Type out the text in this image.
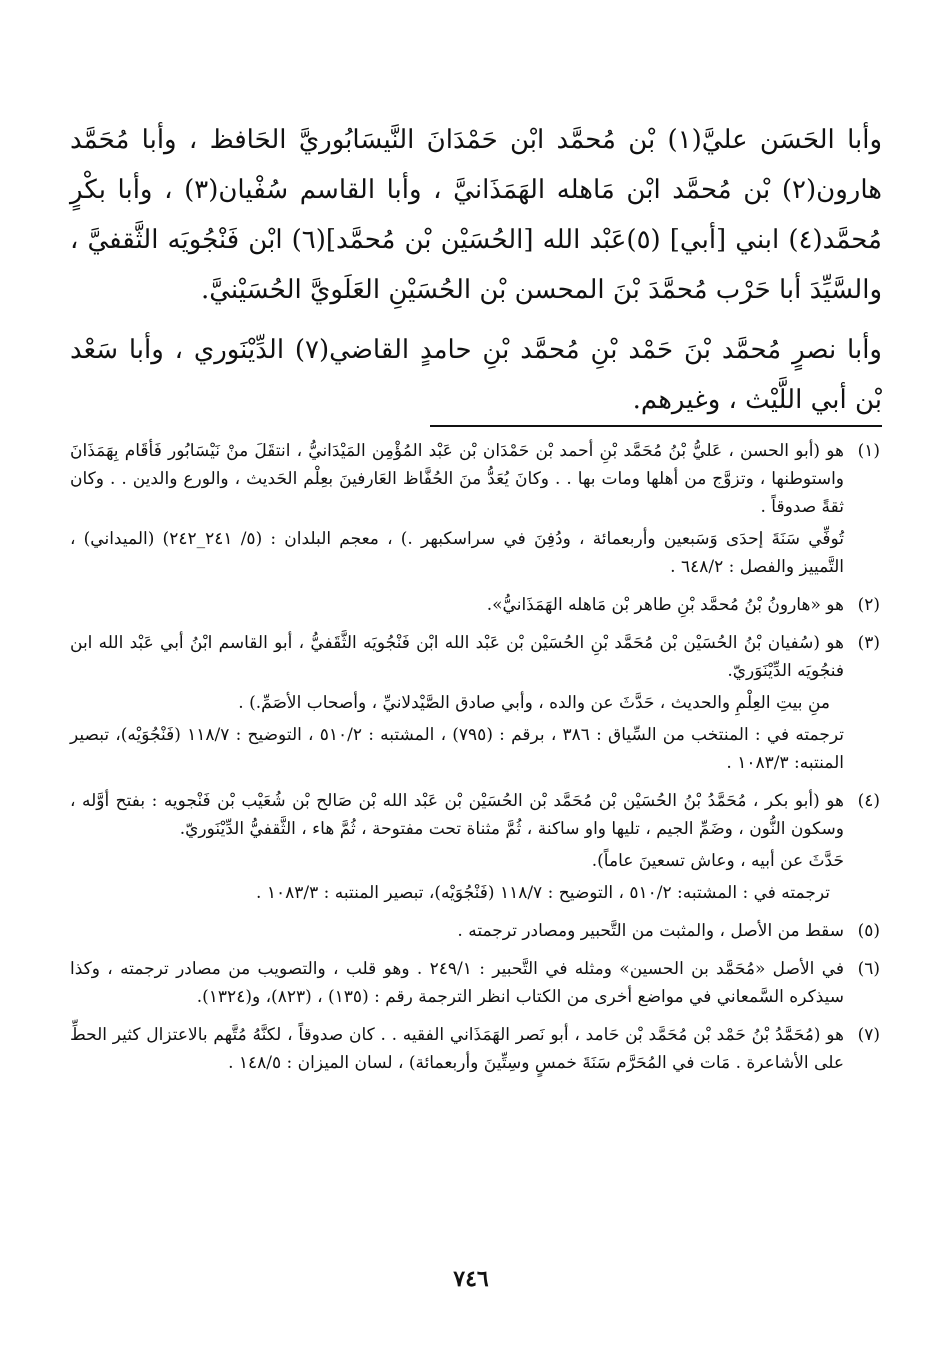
وأبا الحَسَن عليَّ(١) بْن مُحمَّد ابْن حَمْدَانَ النَّيسَابُوريَّ الحَافظ ، وأبا مُحَمَّد هارون(٢) بْن مُحمَّد ابْن مَاهله الهَمَذَانيَّ ، وأبا القاسم سُفْيان(٣) ، وأبا بكْرٍ مُحمَّد(٤) ابني [أبي] (٥)عَبْد الله [الحُسَيْن بْن مُحمَّد](٦) ابْن فَنْجُويَه الثَّقفيَّ ، والسَّيِّدَ أبا حَرْب مُحمَّدَ بْنَ المحسن بْن الحُسَيْنِ العَلَويَّ الحُسَيْنيَّ.

وأبا نصرٍ مُحمَّد بْنَ حَمْد بْنِ مُحمَّد بْنِ حامدٍ القاضي(٧) الدِّيْنَوري ، وأبا سَعْد بْن أبي اللَّيْث ، وغيرهم.

(١)

هو (أبو الحسن ، عَليُّ بْنُ مُحَمَّد بْنِ أحمد بْن حَمْدَان بْن عَبْد المُؤْمِن المَيْدَانيُّ ، انتقَلَ منْ نَيْسَابُور فَأقَام بِهَمَذَانَ واستوطنها ، وتزوَّج من أهلها ومات بها . . وكانَ يُعَدُّ منَ الحُفَّاظ العَارفينَ بعِلْم الحَديث ، والورع والدين . . وكان ثقةً صدوقاً .

تُوفِّي سَنَةَ إحدَى وَسَبعين وأربعمائة ، ودُفِنَ في سراسكبهر .) ، معجم البلدان : (٥/ ٢٤١_٢٤٢) (الميداني) ، التَّمييز والفصل : ٦٤٨/٢ .

(٢)

هو «هارونُ بْنُ مُحمَّد بْنِ طاهر بْن مَاهله الهَمَذَانيُّ».

(٣)

هو (سُفيان بْنُ الحُسَيْن بْن مُحَمَّد بْنِ الحُسَيْن بْن عَبْد الله ابْن فَنْجُويَه الثَّقَفيُّ ، أبو القاسم ابْنُ أبي عَبْد الله ابن فنجُويَه الدِّيْنَوَريّ.

منِ بيتِ العِلْمِ والحديث ، حَدَّثَ عن والده ، وأبي صادق الصَّيْدلانيِّ ، وأصحاب الأصَمِّ.) .

ترجمته في : المنتخب من السِّياق : ٣٨٦ ، برقم : (٧٩٥) ، المشتبه : ٥١٠/٢ ، التوضيح : ١١٨/٧ (فَنْجُوَيْه)، تبصير المنتبه: ١٠٨٣/٣ .

(٤)

هو (أبو بكر ، مُحَمَّدُ بْنُ الحُسَيْن بْن مُحَمَّد بْن الحُسَيْن بْن عَبْد الله بْن صَالح بْن شُعَيْب بْن فَنْجويه : بفتح أوَّله ، وسكون النُّون ، وضَمِّ الجيم ، تليها واو ساكنة ، ثُمَّ مثناة تحت مفتوحة ، ثُمَّ هاء ، الثَّقفيُّ الدِّيْنَوريّ.

حَدَّثَ عن أبيه ، وعاش تسعينَ عاماً).

ترجمته في : المشتبه: ٥١٠/٢ ، التوضيح : ١١٨/٧ (فَنْجُوَيْه)، تبصير المنتبه : ١٠٨٣/٣ .

(٥)

سقط من الأصل ، والمثبت من التَّحبير ومصادر ترجمته .

(٦)

في الأصل «مُحَمَّد بن الحسين» ومثله في التَّحبير : ٢٤٩/١ . وهو قلب ، والتصويب من مصادر ترجمته ، وكذا سيذكره السَّمعاني في مواضع أخرى من الكتاب انظر الترجمة رقم : (١٣٥) ، (٨٢٣)، و(١٣٢٤).

(٧)

هو (مُحَمَّدُ بْنُ حَمْد بْن مُحَمَّد بْن حَامد ، أبو نَصر الهَمَذَاني الفقيه . . كان صدوقاً ، لكنَّهُ مُتَّهم بالاعتزال كثير الحطِّ على الأشاعرة . مَات في المُحَرَّم سَنَةَ خمسٍ وسِتِّينَ وأربعمائة) ، لسان الميزان : ١٤٨/٥ .

٧٤٦
